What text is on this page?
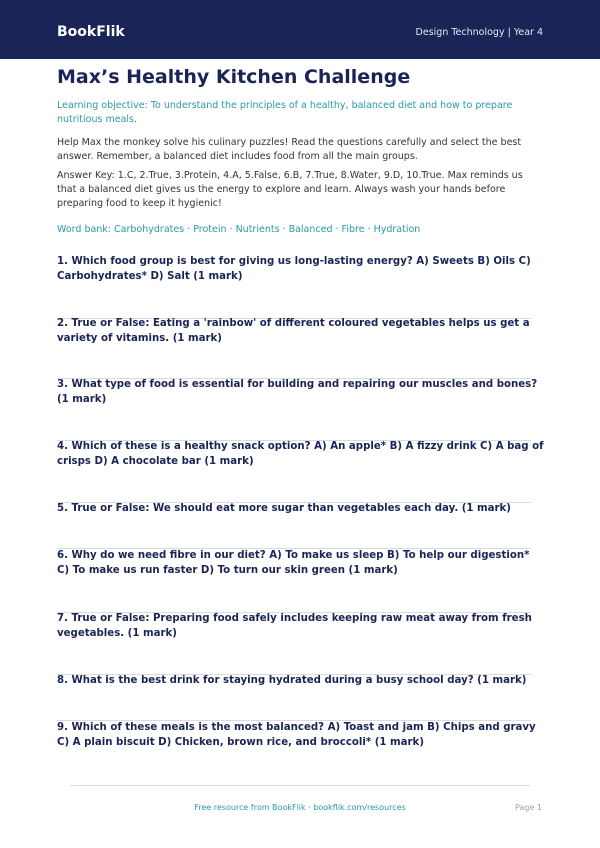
BookFlik	Design Technology | Year 4
Max’s Healthy Kitchen Challenge

Learning objective: To understand the principles of a healthy, balanced diet and how to prepare nutritious meals.

Help Max the monkey solve his culinary puzzles! Read the questions carefully and select the best answer. Remember, a balanced diet includes food from all the main groups.

Answer Key: 1.C, 2.True, 3.Protein, 4.A, 5.False, 6.B, 7.True, 8.Water, 9.D, 10.True. Max reminds us that a balanced diet gives us the energy to explore and learn. Always wash your hands before preparing food to keep it hygienic!

Word bank: Carbohydrates · Protein · Nutrients · Balanced · Fibre · Hydration

1. Which food group is best for giving us long-lasting energy? A) Sweets B) Oils C) Carbohydrates* D) Salt (1 mark)

2. True or False: Eating a 'rainbow' of different coloured vegetables helps us get a variety of vitamins. (1 mark)

3. What type of food is essential for building and repairing our muscles and bones? (1 mark)

4. Which of these is a healthy snack option? A) An apple* B) A fizzy drink C) A bag of crisps D) A chocolate bar (1 mark)

5. True or False: We should eat more sugar than vegetables each day. (1 mark)

6. Why do we need fibre in our diet? A) To make us sleep B) To help our digestion* C) To make us run faster D) To turn our skin green (1 mark)

7. True or False: Preparing food safely includes keeping raw meat away from fresh vegetables. (1 mark)

8. What is the best drink for staying hydrated during a busy school day? (1 mark)

9. Which of these meals is the most balanced? A) Toast and jam B) Chips and gravy C) A plain biscuit D) Chicken, brown rice, and broccoli* (1 mark)

Free resource from BookFlik · bookflik.com/resources	Page 1
